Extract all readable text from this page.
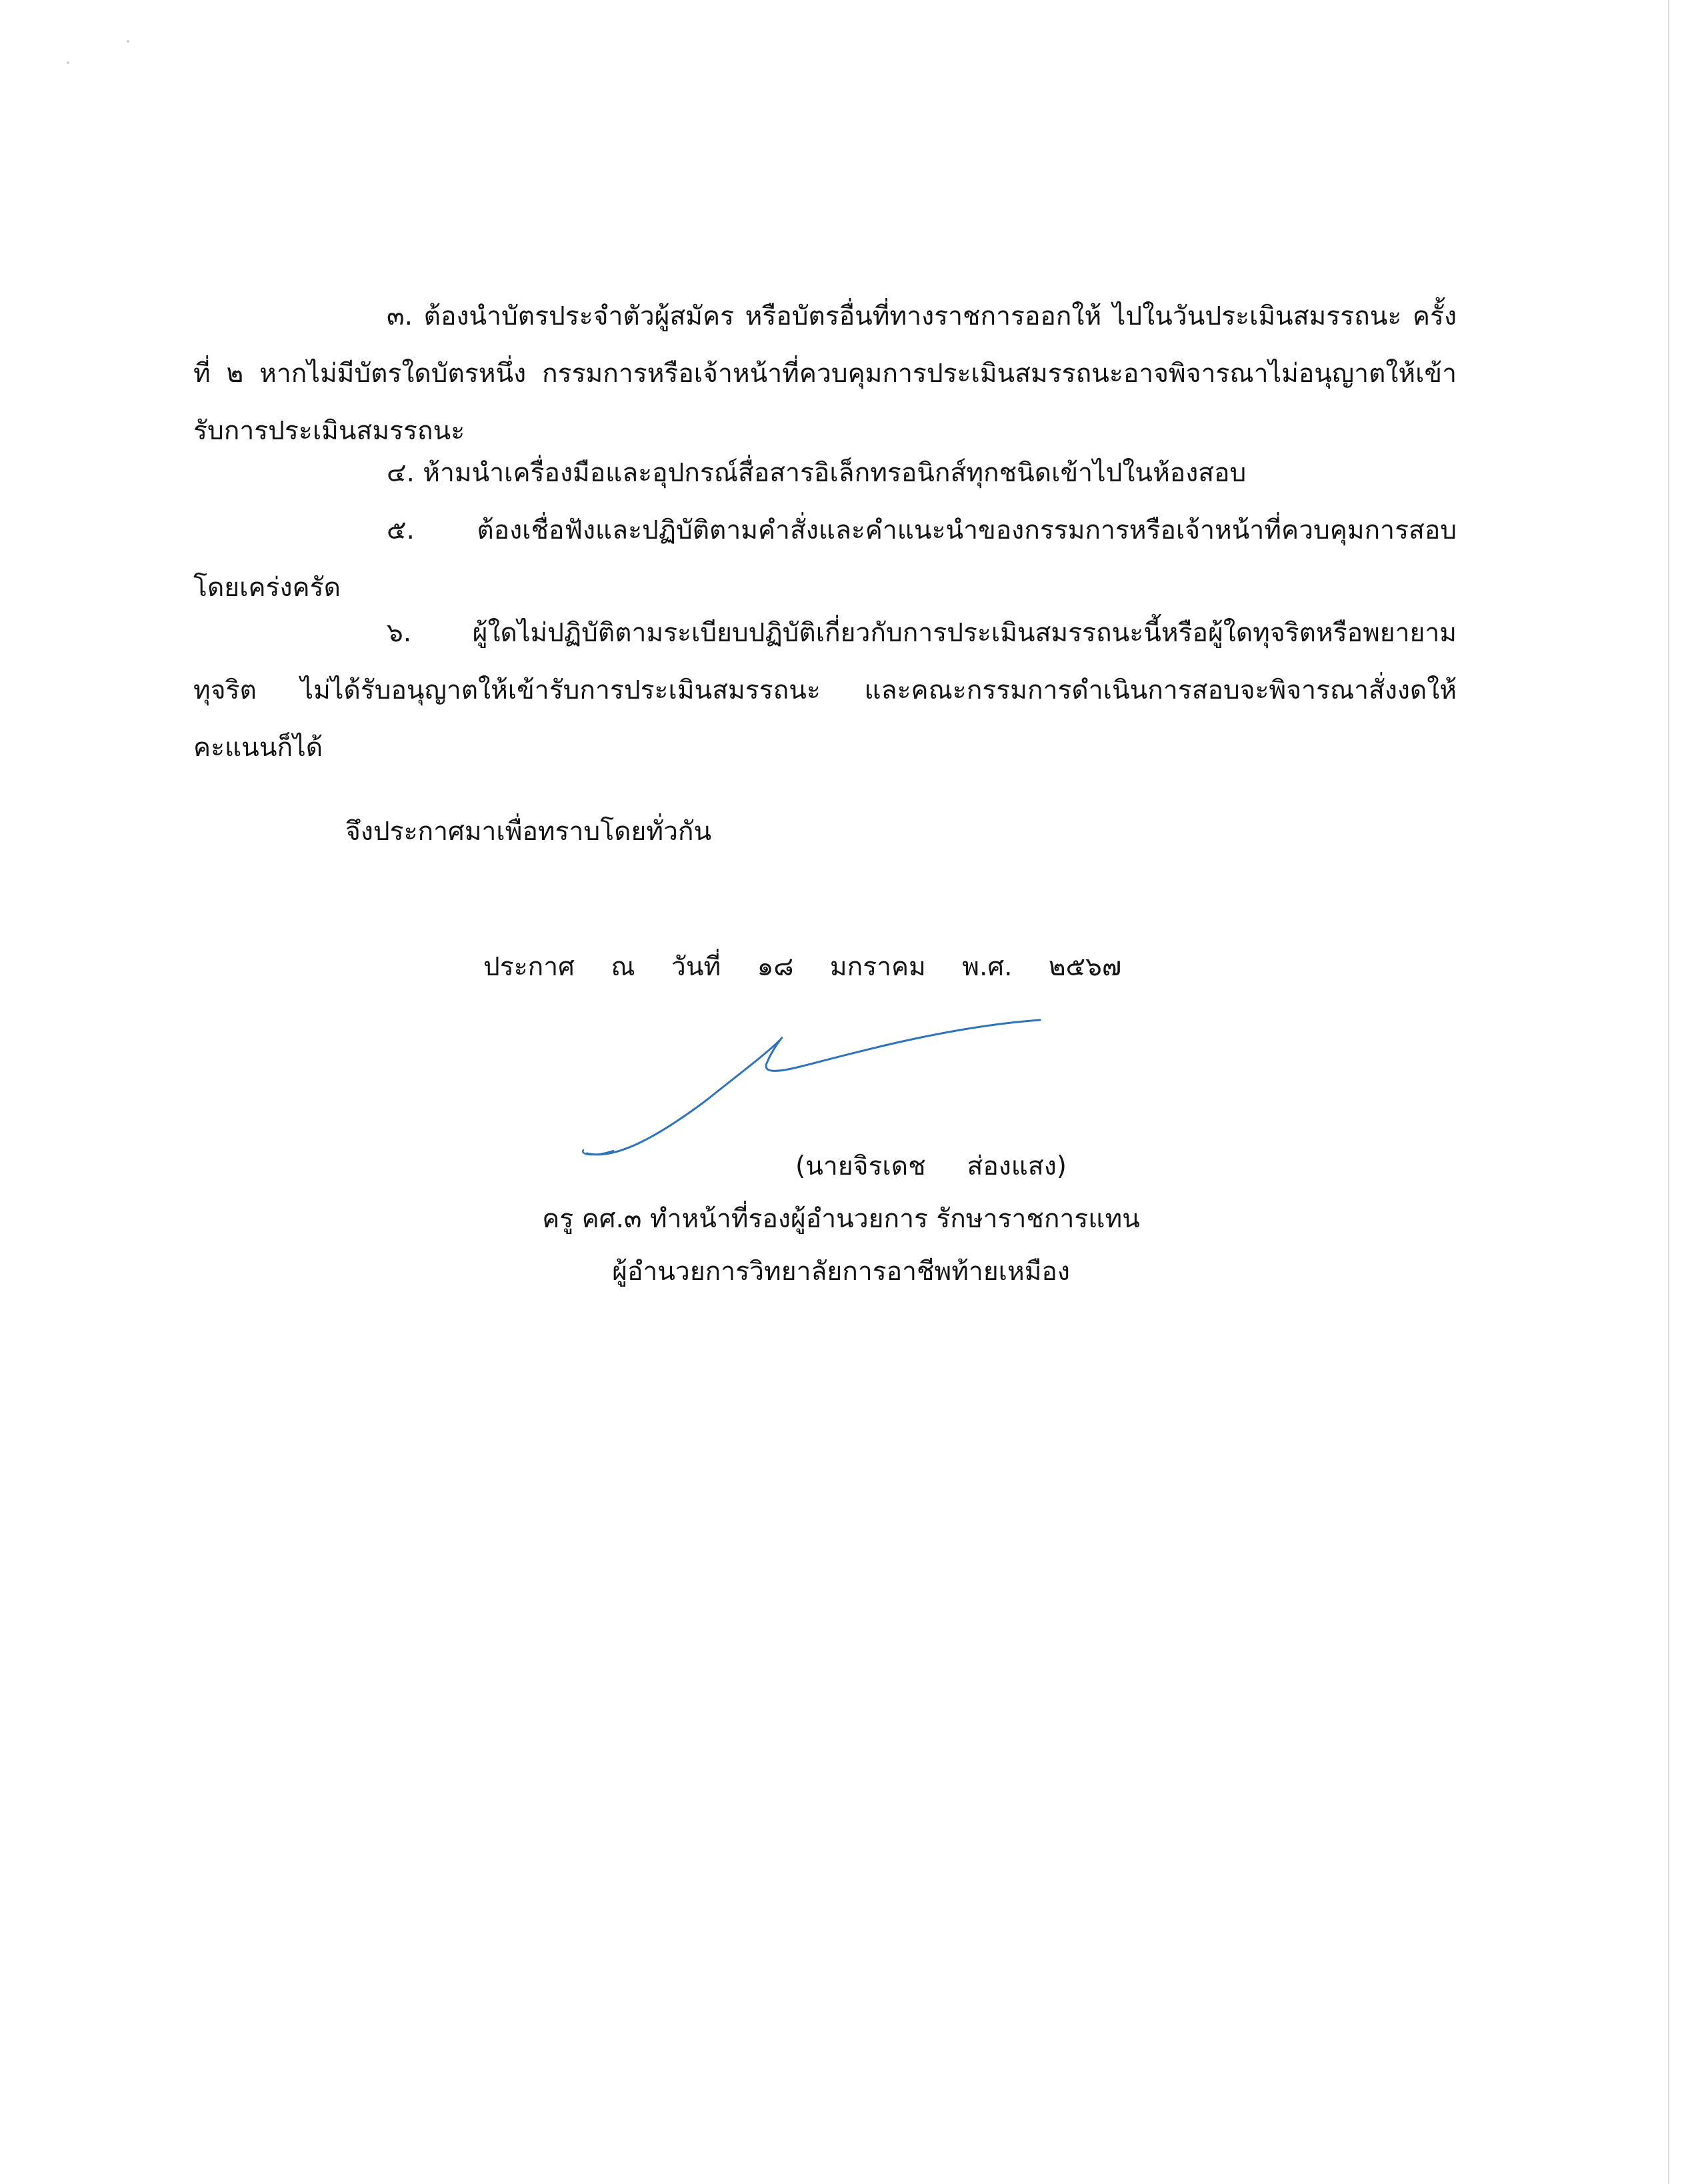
๓. ต้องนำบัตรประจำตัวผู้สมัคร หรือบัตรอื่นที่ทางราชการออกให้ ไปในวันประเมินสมรรถนะ ครั้งที่ ๒ หากไม่มีบัตรใดบัตรหนึ่ง กรรมการหรือเจ้าหน้าที่ควบคุมการประเมินสมรรถนะอาจพิจารณาไม่อนุญาตให้เข้ารับการประเมินสมรรถนะ
๔. ห้ามนำเครื่องมือและอุปกรณ์สื่อสารอิเล็กทรอนิกส์ทุกชนิดเข้าไปในห้องสอบ
๕. ต้องเชื่อฟังและปฏิบัติตามคำสั่งและคำแนะนำของกรรมการหรือเจ้าหน้าที่ควบคุมการสอบ โดยเคร่งครัด
๖. ผู้ใดไม่ปฏิบัติตามระเบียบปฏิบัติเกี่ยวกับการประเมินสมรรถนะนี้หรือผู้ใดทุจริตหรือพยายามทุจริต ไม่ได้รับอนุญาตให้เข้ารับการประเมินสมรรถนะ และคณะกรรมการดำเนินการสอบจะพิจารณาสั่งงดให้คะแนนก็ได้
จึงประกาศมาเพื่อทราบโดยทั่วกัน
ประกาศ ณ วันที่ ๑๘ มกราคม พ.ศ. ๒๕๖๗
(นายจิรเดช     ส่องแสง)
ครู คศ.๓ ทำหน้าที่รองผู้อำนวยการ รักษาราชการแทน
ผู้อำนวยการวิทยาลัยการอาชีพท้ายเหมือง
